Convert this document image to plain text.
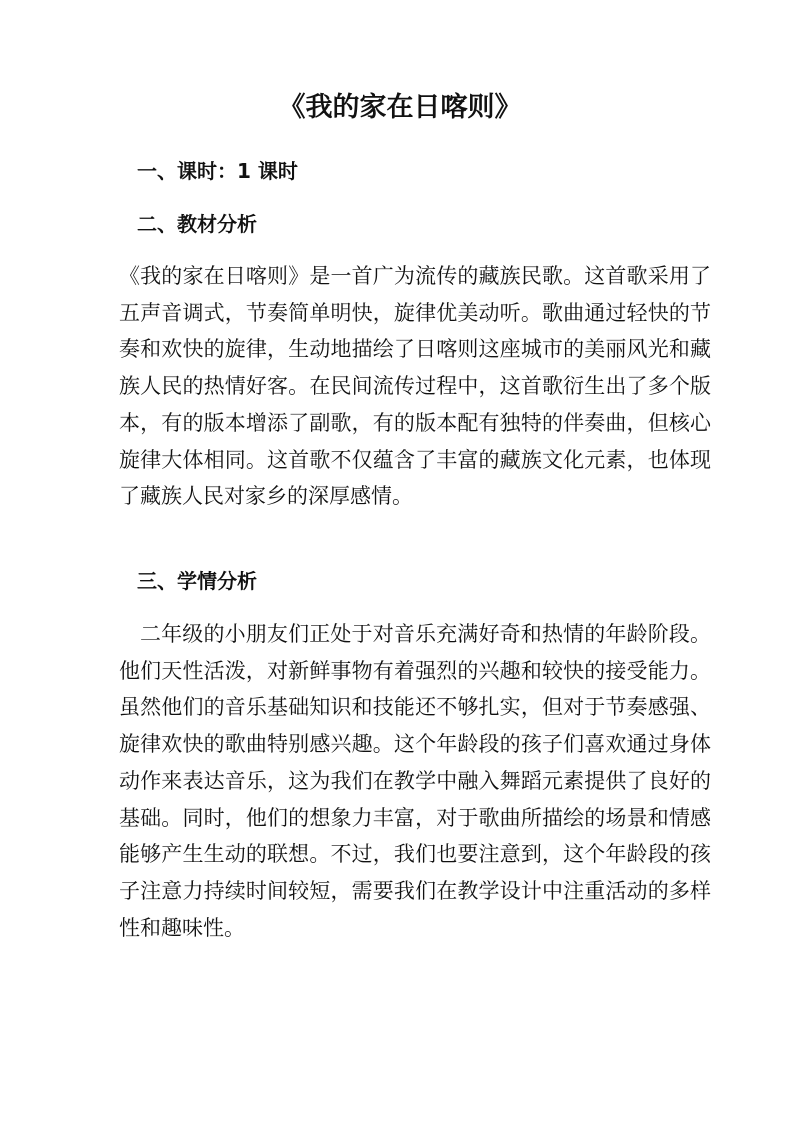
《我的家在日喀则》
一、课时：1 课时
二、教材分析

《我的家在日喀则》是一首广为流传的藏族民歌。这首歌采用了五声音调式，节奏简单明快，旋律优美动听。歌曲通过轻快的节奏和欢快的旋律，生动地描绘了日喀则这座城市的美丽风光和藏族人民的热情好客。在民间流传过程中，这首歌衍生出了多个版本，有的版本增添了副歌，有的版本配有独特的伴奏曲，但核心旋律大体相同。这首歌不仅蕴含了丰富的藏族文化元素，也体现了藏族人民对家乡的深厚感情。

三、学情分析

二年级的小朋友们正处于对音乐充满好奇和热情的年龄阶段。他们天性活泼，对新鲜事物有着强烈的兴趣和较快的接受能力。虽然他们的音乐基础知识和技能还不够扎实，但对于节奏感强、旋律欢快的歌曲特别感兴趣。这个年龄段的孩子们喜欢通过身体动作来表达音乐，这为我们在教学中融入舞蹈元素提供了良好的基础。同时，他们的想象力丰富，对于歌曲所描绘的场景和情感能够产生生动的联想。不过，我们也要注意到，这个年龄段的孩子注意力持续时间较短，需要我们在教学设计中注重活动的多样性和趣味性。
